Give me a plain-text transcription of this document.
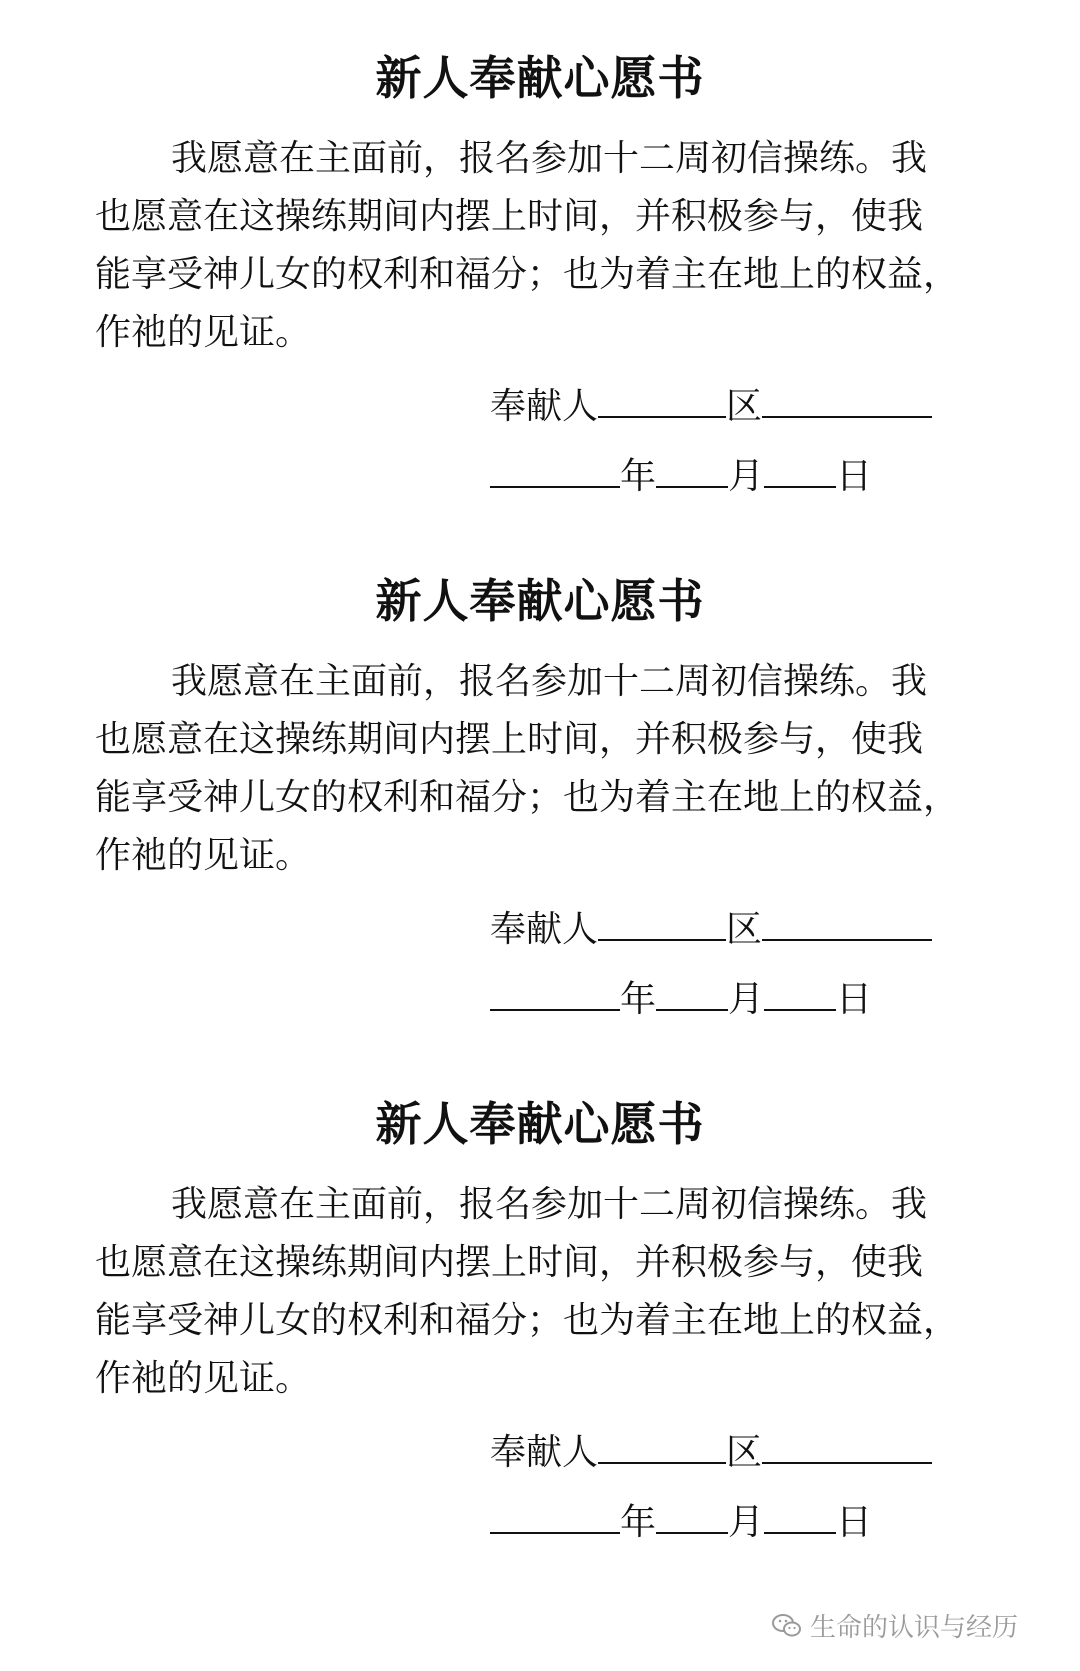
新人奉献心愿书
我愿意在主面前，报名参加十二周初信操练。我
也愿意在这操练期间内摆上时间，并积极参与，使我
能享受神儿女的权利和福分；也为着主在地上的权益，
作祂的见证。
奉献人	区
年 月 日
新人奉献心愿书
我愿意在主面前，报名参加十二周初信操练。我
也愿意在这操练期间内摆上时间，并积极参与，使我
能享受神儿女的权利和福分；也为着主在地上的权益，
作祂的见证。
奉献人	区
年 月 日
新人奉献心愿书
我愿意在主面前，报名参加十二周初信操练。我
也愿意在这操练期间内摆上时间，并积极参与，使我
能享受神儿女的权利和福分；也为着主在地上的权益，
作祂的见证。
奉献人	区
年 月 日
生命的认识与经历
